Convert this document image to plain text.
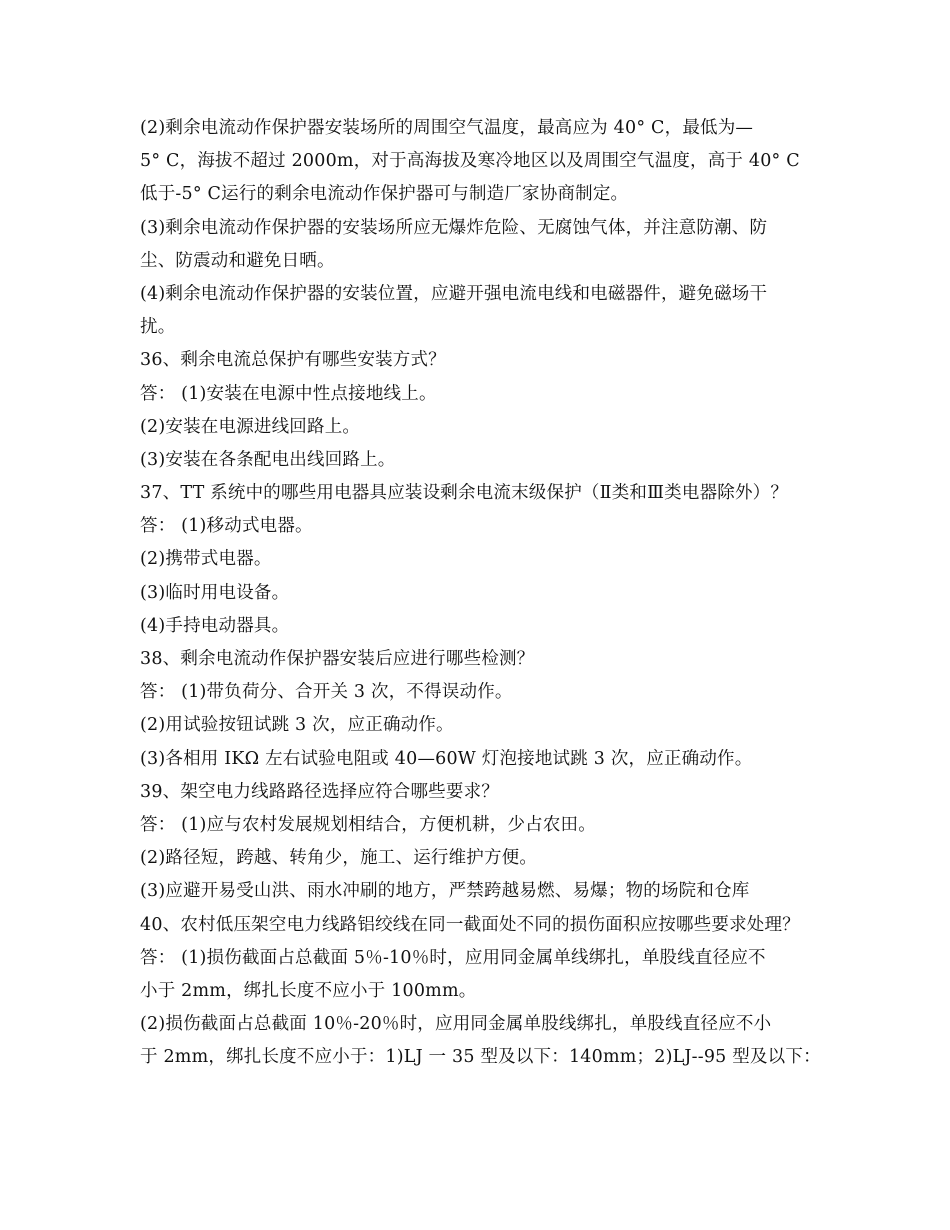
(2)剩余电流动作保护器安装场所的周围空气温度，最高应为 40° C，最低为—
5° C，海拔不超过 2000m，对于高海拔及寒冷地区以及周围空气温度，高于 40° C
低于-5° C运行的剩余电流动作保护器可与制造厂家协商制定。
(3)剩余电流动作保护器的安装场所应无爆炸危险、无腐蚀气体，并注意防潮、防
尘、防震动和避免日晒。
(4)剩余电流动作保护器的安装位置，应避开强电流电线和电磁器件，避免磁场干
扰。
36、剩余电流总保护有哪些安装方式？
答： (1)安装在电源中性点接地线上。
(2)安装在电源进线回路上。
(3)安装在各条配电出线回路上。
37、TT 系统中的哪些用电器具应装设剩余电流末级保护（Ⅱ类和Ⅲ类电器除外）？
答： (1)移动式电器。
(2)携带式电器。
(3)临时用电设备。
(4)手持电动器具。
38、剩余电流动作保护器安装后应进行哪些检测？
答： (1)带负荷分、合开关 3 次，不得误动作。
(2)用试验按钮试跳 3 次，应正确动作。
(3)各相用 IKΩ 左右试验电阻或 40—60W 灯泡接地试跳 3 次，应正确动作。
39、架空电力线路路径选择应符合哪些要求？
答： (1)应与农村发展规划相结合，方便机耕，少占农田。
(2)路径短，跨越、转角少，施工、运行维护方便。
(3)应避开易受山洪、雨水冲刷的地方，严禁跨越易燃、易爆；物的场院和仓库
40、农村低压架空电力线路铝绞线在同一截面处不同的损伤面积应按哪些要求处理？
答： (1)损伤截面占总截面 5％-10％时，应用同金属单线绑扎，单股线直径应不
小于 2mm，绑扎长度不应小于 100mm。
(2)损伤截面占总截面 10％-20％时，应用同金属单股线绑扎，单股线直径应不小
于 2mm，绑扎长度不应小于：1)LJ 一 35 型及以下：140mm；2)LJ--95 型及以下：
